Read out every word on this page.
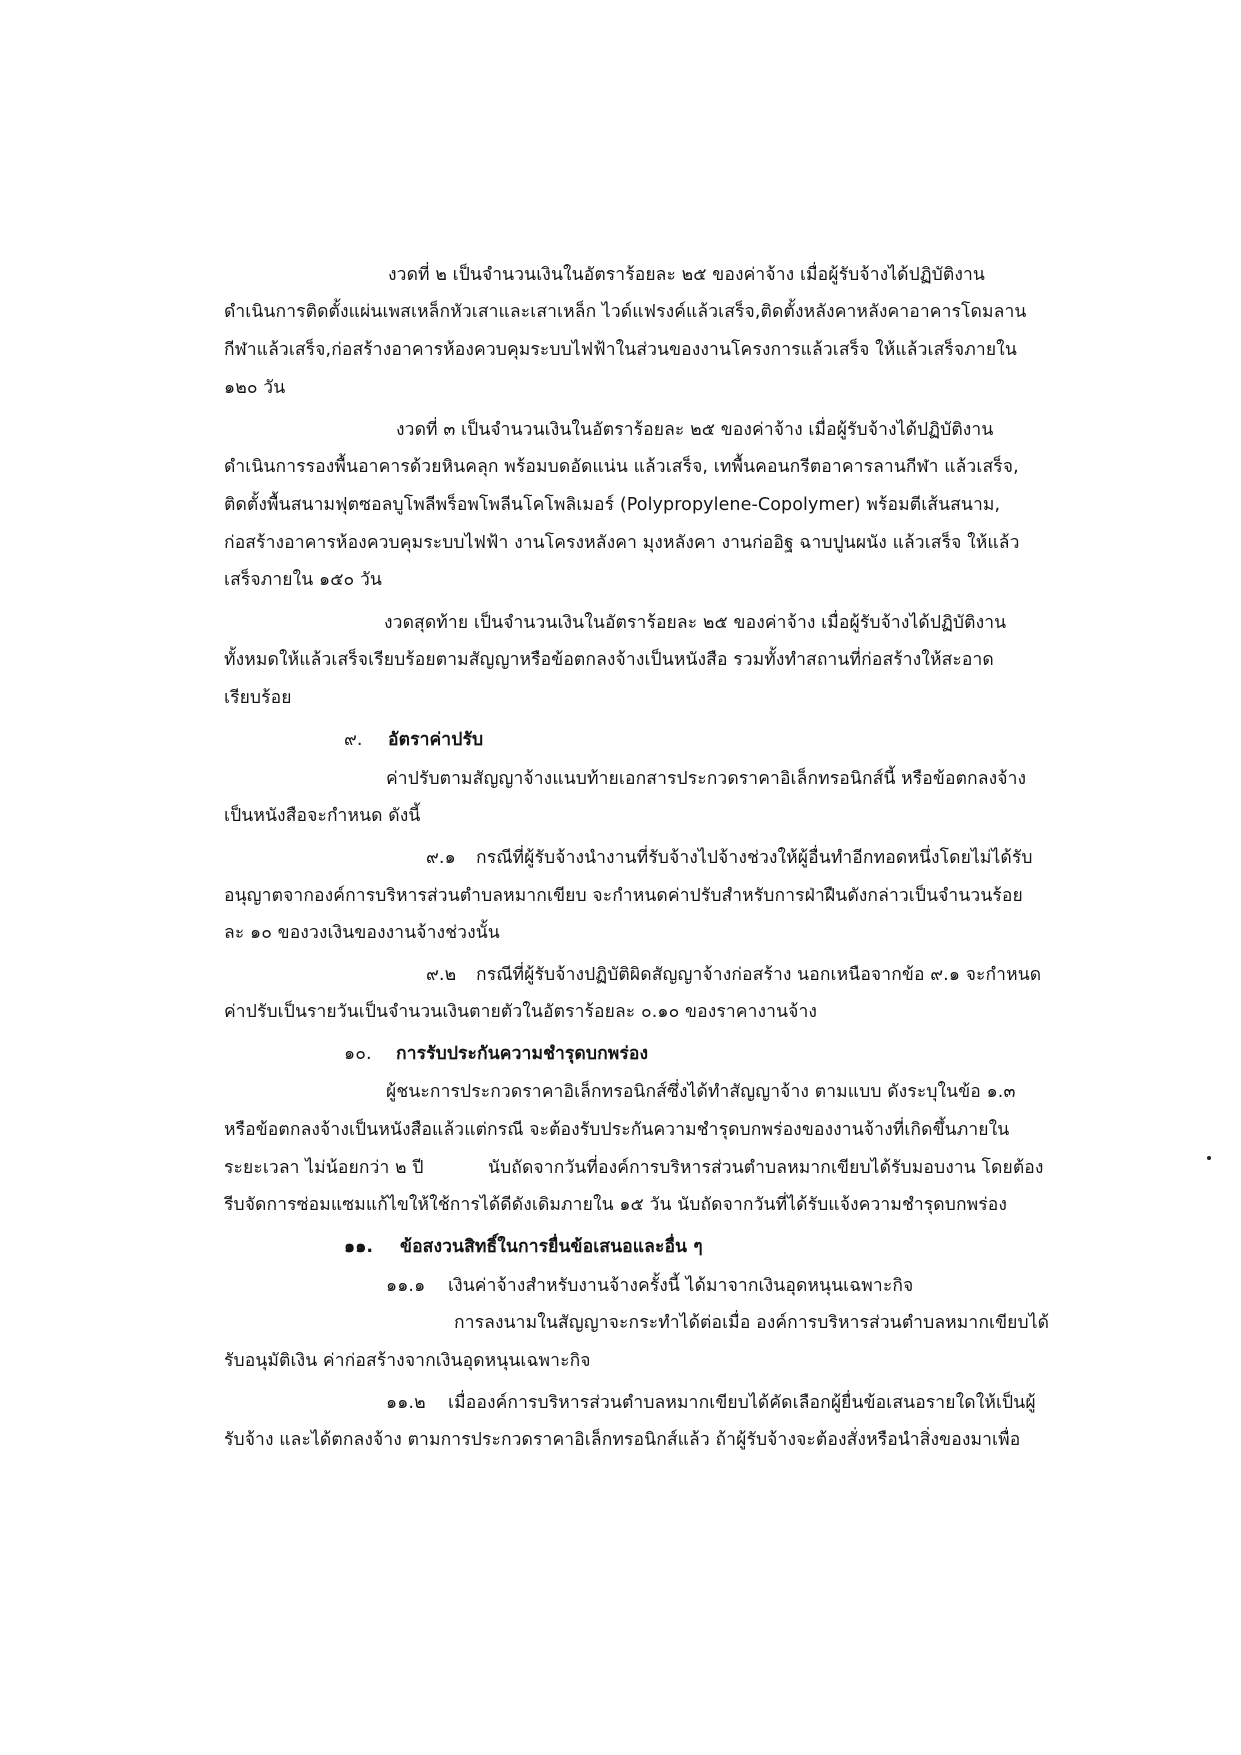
งวดที่ ๒ เป็นจำนวนเงินในอัตราร้อยละ ๒๕ ของค่าจ้าง เมื่อผู้รับจ้างได้ปฏิบัติงาน
ดำเนินการติดตั้งแผ่นเพสเหล็กหัวเสาและเสาเหล็ก ไวด์แฟรงค์แล้วเสร็จ,ติดตั้งหลังคาหลังคาอาคารโดมลาน
กีฬาแล้วเสร็จ,ก่อสร้างอาคารห้องควบคุมระบบไฟฟ้าในส่วนของงานโครงการแล้วเสร็จ ให้แล้วเสร็จภายใน
๑๒๐ วัน
งวดที่ ๓ เป็นจำนวนเงินในอัตราร้อยละ ๒๕ ของค่าจ้าง เมื่อผู้รับจ้างได้ปฏิบัติงาน
ดำเนินการรองพื้นอาคารด้วยหินคลุก พร้อมบดอัดแน่น แล้วเสร็จ, เทพื้นคอนกรีตอาคารลานกีฬา แล้วเสร็จ,
ติดตั้งพื้นสนามฟุตซอลบูโพลีพร็อพโพลีนโคโพลิเมอร์ (Polypropylene-Copolymer) พร้อมตีเส้นสนาม,
ก่อสร้างอาคารห้องควบคุมระบบไฟฟ้า งานโครงหลังคา มุงหลังคา งานก่ออิฐ ฉาบปูนผนัง แล้วเสร็จ ให้แล้ว
เสร็จภายใน ๑๕๐ วัน
งวดสุดท้าย เป็นจำนวนเงินในอัตราร้อยละ ๒๕ ของค่าจ้าง เมื่อผู้รับจ้างได้ปฏิบัติงาน
ทั้งหมดให้แล้วเสร็จเรียบร้อยตามสัญญาหรือข้อตกลงจ้างเป็นหนังสือ รวมทั้งทำสถานที่ก่อสร้างให้สะอาด
เรียบร้อย
๙. อัตราค่าปรับ
ค่าปรับตามสัญญาจ้างแนบท้ายเอกสารประกวดราคาอิเล็กทรอนิกส์นี้ หรือข้อตกลงจ้าง
เป็นหนังสือจะกำหนด ดังนี้
๙.๑ กรณีที่ผู้รับจ้างนำงานที่รับจ้างไปจ้างช่วงให้ผู้อื่นทำอีกทอดหนึ่งโดยไม่ได้รับ
อนุญาตจากองค์การบริหารส่วนตำบลหมากเขียบ จะกำหนดค่าปรับสำหรับการฝ่าฝืนดังกล่าวเป็นจำนวนร้อย
ละ ๑๐ ของวงเงินของงานจ้างช่วงนั้น
๙.๒ กรณีที่ผู้รับจ้างปฏิบัติผิดสัญญาจ้างก่อสร้าง นอกเหนือจากข้อ ๙.๑ จะกำหนด
ค่าปรับเป็นรายวันเป็นจำนวนเงินตายตัวในอัตราร้อยละ ๐.๑๐ ของราคางานจ้าง
๑๐. การรับประกันความชำรุดบกพร่อง
ผู้ชนะการประกวดราคาอิเล็กทรอนิกส์ซึ่งได้ทำสัญญาจ้าง ตามแบบ ดังระบุในข้อ ๑.๓
หรือข้อตกลงจ้างเป็นหนังสือแล้วแต่กรณี จะต้องรับประกันความชำรุดบกพร่องของงานจ้างที่เกิดขึ้นภายใน
ระยะเวลา ไม่น้อยกว่า ๒ ปี	นับถัดจากวันที่องค์การบริหารส่วนตำบลหมากเขียบได้รับมอบงาน โดยต้อง
รีบจัดการซ่อมแซมแก้ไขให้ใช้การได้ดีดังเดิมภายใน ๑๕ วัน นับถัดจากวันที่ได้รับแจ้งความชำรุดบกพร่อง
๑๑. ข้อสงวนสิทธิ์ในการยื่นข้อเสนอและอื่น ๆ
๑๑.๑ เงินค่าจ้างสำหรับงานจ้างครั้งนี้ ได้มาจากเงินอุดหนุนเฉพาะกิจ
การลงนามในสัญญาจะกระทำได้ต่อเมื่อ องค์การบริหารส่วนตำบลหมากเขียบได้
รับอนุมัติเงิน ค่าก่อสร้างจากเงินอุดหนุนเฉพาะกิจ
๑๑.๒ เมื่อองค์การบริหารส่วนตำบลหมากเขียบได้คัดเลือกผู้ยื่นข้อเสนอรายใดให้เป็นผู้
รับจ้าง และได้ตกลงจ้าง ตามการประกวดราคาอิเล็กทรอนิกส์แล้ว ถ้าผู้รับจ้างจะต้องสั่งหรือนำสิ่งของมาเพื่อ
